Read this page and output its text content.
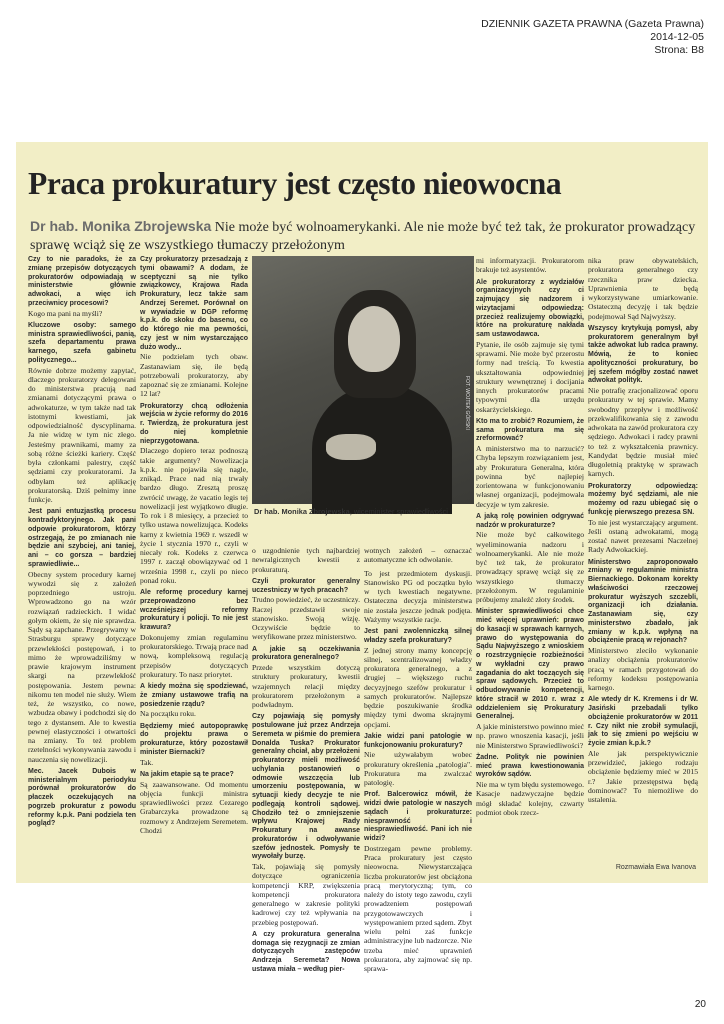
DZIENNIK GAZETA PRAWNA (Gazeta Prawna)
2014-12-05
Strona: B8
Praca prokuratury jest często nieowocna
Dr hab. Monika Zbrojewska Nie może być wolnoamerykanki. Ale nie może być też tak, że prokurator prowadzący sprawę wciąż się ze wszystkiego tłumaczy przełożonym

Czy to nie paradoks, że za zmianę przepisów dotyczących prokuratorów odpowiadają w ministerstwie głównie adwokaci, a więc ich przeciwnicy procesowi?

Kogo ma pani na myśli?

Kluczowe osoby: samego ministra sprawiedliwości, panią, szefa departamentu prawa karnego, szefa gabinetu politycznego...

Równie dobrze możemy zapytać, dlaczego prokuratorzy delegowani do ministerstwa pracują nad zmianami dotyczącymi prawa o adwokaturze, w tym także nad tak istotnymi kwestiami, jak odpowiedzialność dyscyplinarna. Ja nie widzę w tym nic złego. Jesteśmy prawnikami, mamy za sobą różne ścieżki kariery. Część była członkami palestry, część sędziami czy prokuratorami. Ja odbyłam też aplikację prokuratorską. Dziś pełnimy inne funkcje.

Jest pani entuzjastką procesu kontradyktoryjnego. Jak pani odpowie prokuratorom, którzy ostrzegają, że po zmianach nie będzie ani szybciej, ani taniej, ani – co gorsza – bardziej sprawiedliwie...

Obecny system procedury karnej wywodzi się z założeń poprzedniego ustroju. Wprowadzono go na wzór rozwiązań radzieckich. I widać gołym okiem, że się nie sprawdza. Sądy są zapchane. Przegrywamy w Strasburgu sprawy dotyczące przewlekłości postępowań, i to mimo że wprowadziliśmy w prawie krajowym instrument skargi na przewlekłość postępowania. Jestem pewna: nikomu ten model nie służy. Wiem też, że wszystko, co nowe, wzbudza obawy i podchodzi się do tego z dystansem. Ale to kwestia pewnej elastyczności i otwartości na zmiany. To też problem rzetelności wykonywania zawodu i nauczenia się nowelizacji.

Mec. Jacek Dubois w ministerialnym periodyku porównał prokuratorów do płaczek oczekujących na pogrzeb prokuratur z powodu reformy k.p.k. Pani podziela ten pogląd?

Czy prokuratorzy przesadzają z tymi obawami? A dodam, że sceptyczni są nie tylko związkowcy, Krajowa Rada Prokuratury, lecz także sam Andrzej Seremet. Porównał on w wywiadzie w DGP reformę k.p.k. do skoku do basenu, co do którego nie ma pewności, czy jest w nim wystarczająco dużo wody...

Nie podzielam tych obaw. Zastanawiam się, ile będą potrzebowali prokuratorzy, aby zapoznać się ze zmianami. Kolejne 12 lat?

Prokuratorzy chcą odłożenia wejścia w życie reformy do 2016 r. Twierdzą, że prokuratura jest do niej kompletnie nieprzygotowana.

Dlaczego dopiero teraz podnoszą takie argumenty? Nowelizacja k.p.k. nie pojawiła się nagle, znikąd. Prace nad nią trwały bardzo długo. Zresztą proszę zwrócić uwagę, że vacatio legis tej nowelizacji jest wyjątkowo długie. To rok i 8 miesięcy, a przecież to tylko ustawa nowelizująca. Kodeks karny z kwietnia 1969 r. wszedł w życie 1 stycznia 1970 r., czyli w niecały rok. Kodeks z czerwca 1997 r. zaczął obowiązywać od 1 września 1998 r., czyli po nieco ponad roku.

Ale reformę procedury karnej przeprowadzono bez wcześniejszej reformy prokuratury i policji. To nie jest krawura?

Dokonujemy zmian regulaminu prokuratorskiego. Trwają prace nad nową, kompleksową regulacją przepisów dotyczących prokuratury. To nasz priorytet.

A kiedy można się spodziewać, że zmiany ustawowe trafią na posiedzenie rządu?

Na początku roku.

Będziemy mieć autopoprawkę do projektu prawa o prokuraturze, który pozostawił minister Biernacki?

Tak.

Na jakim etapie są te prace?

Są zaawansowane. Od momentu objęcia funkcji ministra sprawiedliwości przez Cezarego Grabarczyka prowadzone są rozmowy z Andrzejem Seremetem. Chodzi

FOT. WOJTEK GÓRSKI
Dr hab. Monika Zbrojewska, wiceminister sprawiedliwości

o uzgodnienie tych najbardziej newralgicznych kwestii z prokuraturą.

Czyli prokurator generalny uczestniczy w tych pracach?

Trudno powiedzieć, że uczestniczy. Raczej przedstawił swoje stanowisko. Swoją wizję. Oczywiście będzie to weryfikowane przez ministerstwo.

A jakie są oczekiwania prokuratora generalnego?

Przede wszystkim dotyczą struktury prokuratury, kwestii wzajemnych relacji między prokuratorem przełożonym a podwładnym.

Czy pojawiają się pomysły postulowane już przez Andrzeja Seremeta w piśmie do premiera Donalda Tuska? Prokurator generalny chciał, aby przełożeni prokuratorzy mieli możliwość uchylania postanowień o odmowie wszczęcia lub umorzeniu postępowania, w sytuacji kiedy decyzje te nie podlegają kontroli sądowej. Chodziło też o zmniejszenie wpływu Krajowej Rady Prokuratury na awanse prokuratorów i odwoływanie szefów jednostek. Pomysły te wywołały burzę.

Tak, pojawiają się pomysły dotyczące ograniczenia kompetencji KRP, zwiększenia kompetencji prokuratora generalnego w zakresie polityki kadrowej czy też wpływania na przebieg postępowań.

A czy prokuratura generalna domaga się rezygnacji ze zmian dotyczących zastępców Andrzeja Seremeta? Nowa ustawa miała – według pier-

wotnych założeń – oznaczać automatyczne ich odwołanie.

To jest przedmiotem dyskusji. Stanowisko PG od początku było w tych kwestiach negatywne. Ostateczna decyzja ministerstwa nie została jeszcze jednak podjęta. Ważymy wszystkie racje.

Jest pani zwolenniczką silnej władzy szefa prokuratury?

Z jednej strony mamy koncepcję silnej, scentralizowanej władzy prokuratora generalnego, a z drugiej – większego ruchu decyzyjnego szefów prokuratur i samych prokuratorów. Najlepsze będzie poszukiwanie środka między tymi dwoma skrajnymi opcjami.

Jakie widzi pani patologie w funkcjonowaniu prokuratury?

Nie używałabym wobec prokuratury określenia „patologia". Prokuratura ma zwalczać patologię.

Prof. Balcerowicz mówił, że widzi dwie patologie w naszych sądach i prokuraturze: niesprawność i niesprawiedliwość. Pani ich nie widzi?

Dostrzegam pewne problemy. Praca prokuratury jest często nieowocna. Niewystarczająca liczba prokuratorów jest obciążona pracą merytoryczną; tym, co należy do istoty tego zawodu, czyli prowadzeniem postępowań przygotowawczych i występowaniem przed sądem. Zbyt wielu pełni zaś funkcje administracyjne lub nadzorcze. Nie trzeba mieć uprawnień prokuratora, aby zajmować się np. sprawa-

mi informatyzacji. Prokuratorom brakuje też asystentów.

Ale prokuratorzy z wydziałów organizacyjnych czy ci zajmujący się nadzorem i wizytacjami odpowiedzą: przecież realizujemy obowiązki, które na prokuraturę nakłada sam ustawodawca.

Pytanie, ile osób zajmuje się tymi sprawami. Nie może być przerostu formy nad treścią. To kwestia ukształtowania odpowiedniej struktury wewnętrznej i docijania innych prokuratorów pracami typowymi dla urzędu oskarżycielskiego.

Kto ma to zrobić? Rozumiem, że sama prokuratura ma się zreformować?

A ministerstwo ma to narzucić? Chyba lepszym rozwiązaniem jest, aby Prokuratura Generalna, która powinna być najlepiej zorientowana w funkcjonowaniu własnej organizacji, podejmowała decyzje w tym zakresie.

A jaką rolę powinien odgrywać nadzór w prokuraturze?

Nie może być całkowitego wyeliminowania nadzoru i wolnoamerykanki. Ale nie może być też tak, że prokurator prowadzący sprawę wciąż się ze wszystkiego tłumaczy przełożonym. W regulaminie próbujemy znaleźć złoty środek.

Minister sprawiedliwości chce mieć więcej uprawnień: prawo do kasacji w sprawach karnych, prawo do występowania do Sądu Najwyższego z wnioskiem o rozstrzygnięcie rozbieżności w wykładni czy prawo zagadania do akt toczących się spraw sądowych. Przecież to odbudowywanie kompetencji, które stracił w 2010 r. wraz z oddzieleniem się Prokuratury Generalnej.

A jakie ministerstwo powinno mieć np. prawo wnoszenia kasacji, jeśli nie Ministerstwo Sprawiedliwości?

Żadne. Polityk nie powinien mieć prawa kwestionowania wyroków sądów.

Nie ma w tym błędu systemowego. Kasacje nadzwyczajne będzie mógł składać kolejny, czwarty podmiot obok rzecz-

nika praw obywatelskich, prokuratora generalnego czy rzecznika praw dziecka. Uprawnienia te będą wykorzystywane umiarkowanie. Ostateczną decyzję i tak będzie podejmował Sąd Najwyższy.

Wszyscy krytykują pomysł, aby prokuratorem generalnym był także adwokat lub radca prawny. Mówią, że to koniec apolityczności prokuratury, bo jej szefem mógłby zostać nawet adwokat polityk.

Nie potrafię zracjonalizować oporu prokuratury w tej sprawie. Mamy swobodny przepływ i możliwość przekwalifikowania się z zawodu adwokata na zawód prokuratora czy sędziego. Adwokaci i radcy prawni to też z wykształcenia prawnicy. Kandydat będzie musiał mieć długoletnią praktykę w sprawach karnych.

Prokuratorzy odpowiedzą: możemy być sędziami, ale nie możemy od razu ubiegać się o funkcję pierwszego prezesa SN.

To nie jest wystarczający argument. Jeśli ostaną adwokatami, mogą zostać nawet prezesami Naczelnej Rady Adwokackiej.

Ministerstwo zaproponowało zmiany w regulaminie ministra Biernackiego. Dokonam korekty właściwości rzeczowej prokuratur wyższych szczebli, organizacji ich działania. Zastanawiam się, czy ministerstwo zbadało, jak zmiany w k.p.k. wpłyną na obciążenie pracą w rejonach?

Ministerstwo zleciło wykonanie analizy obciążenia prokuratorów pracą w ramach przygotowań do reformy kodeksu postępowania karnego.

Ale wtedy dr K. Kremens i dr W. Jasiński przebadali tylko obciążenie prokuratorów w 2011 r. Czy nikt nie zrobił symulacji, jak to się zmieni po wejściu w życie zmian k.p.k.?

Ale jak perspektywicznie przewidzieć, jakiego rodzaju obciążenie będziemy mieć w 2015 r.? Jakie przestępstwa będą dominować? To niemożliwe do ustalenia.

Rozmawiała Ewa Ivanova
20
